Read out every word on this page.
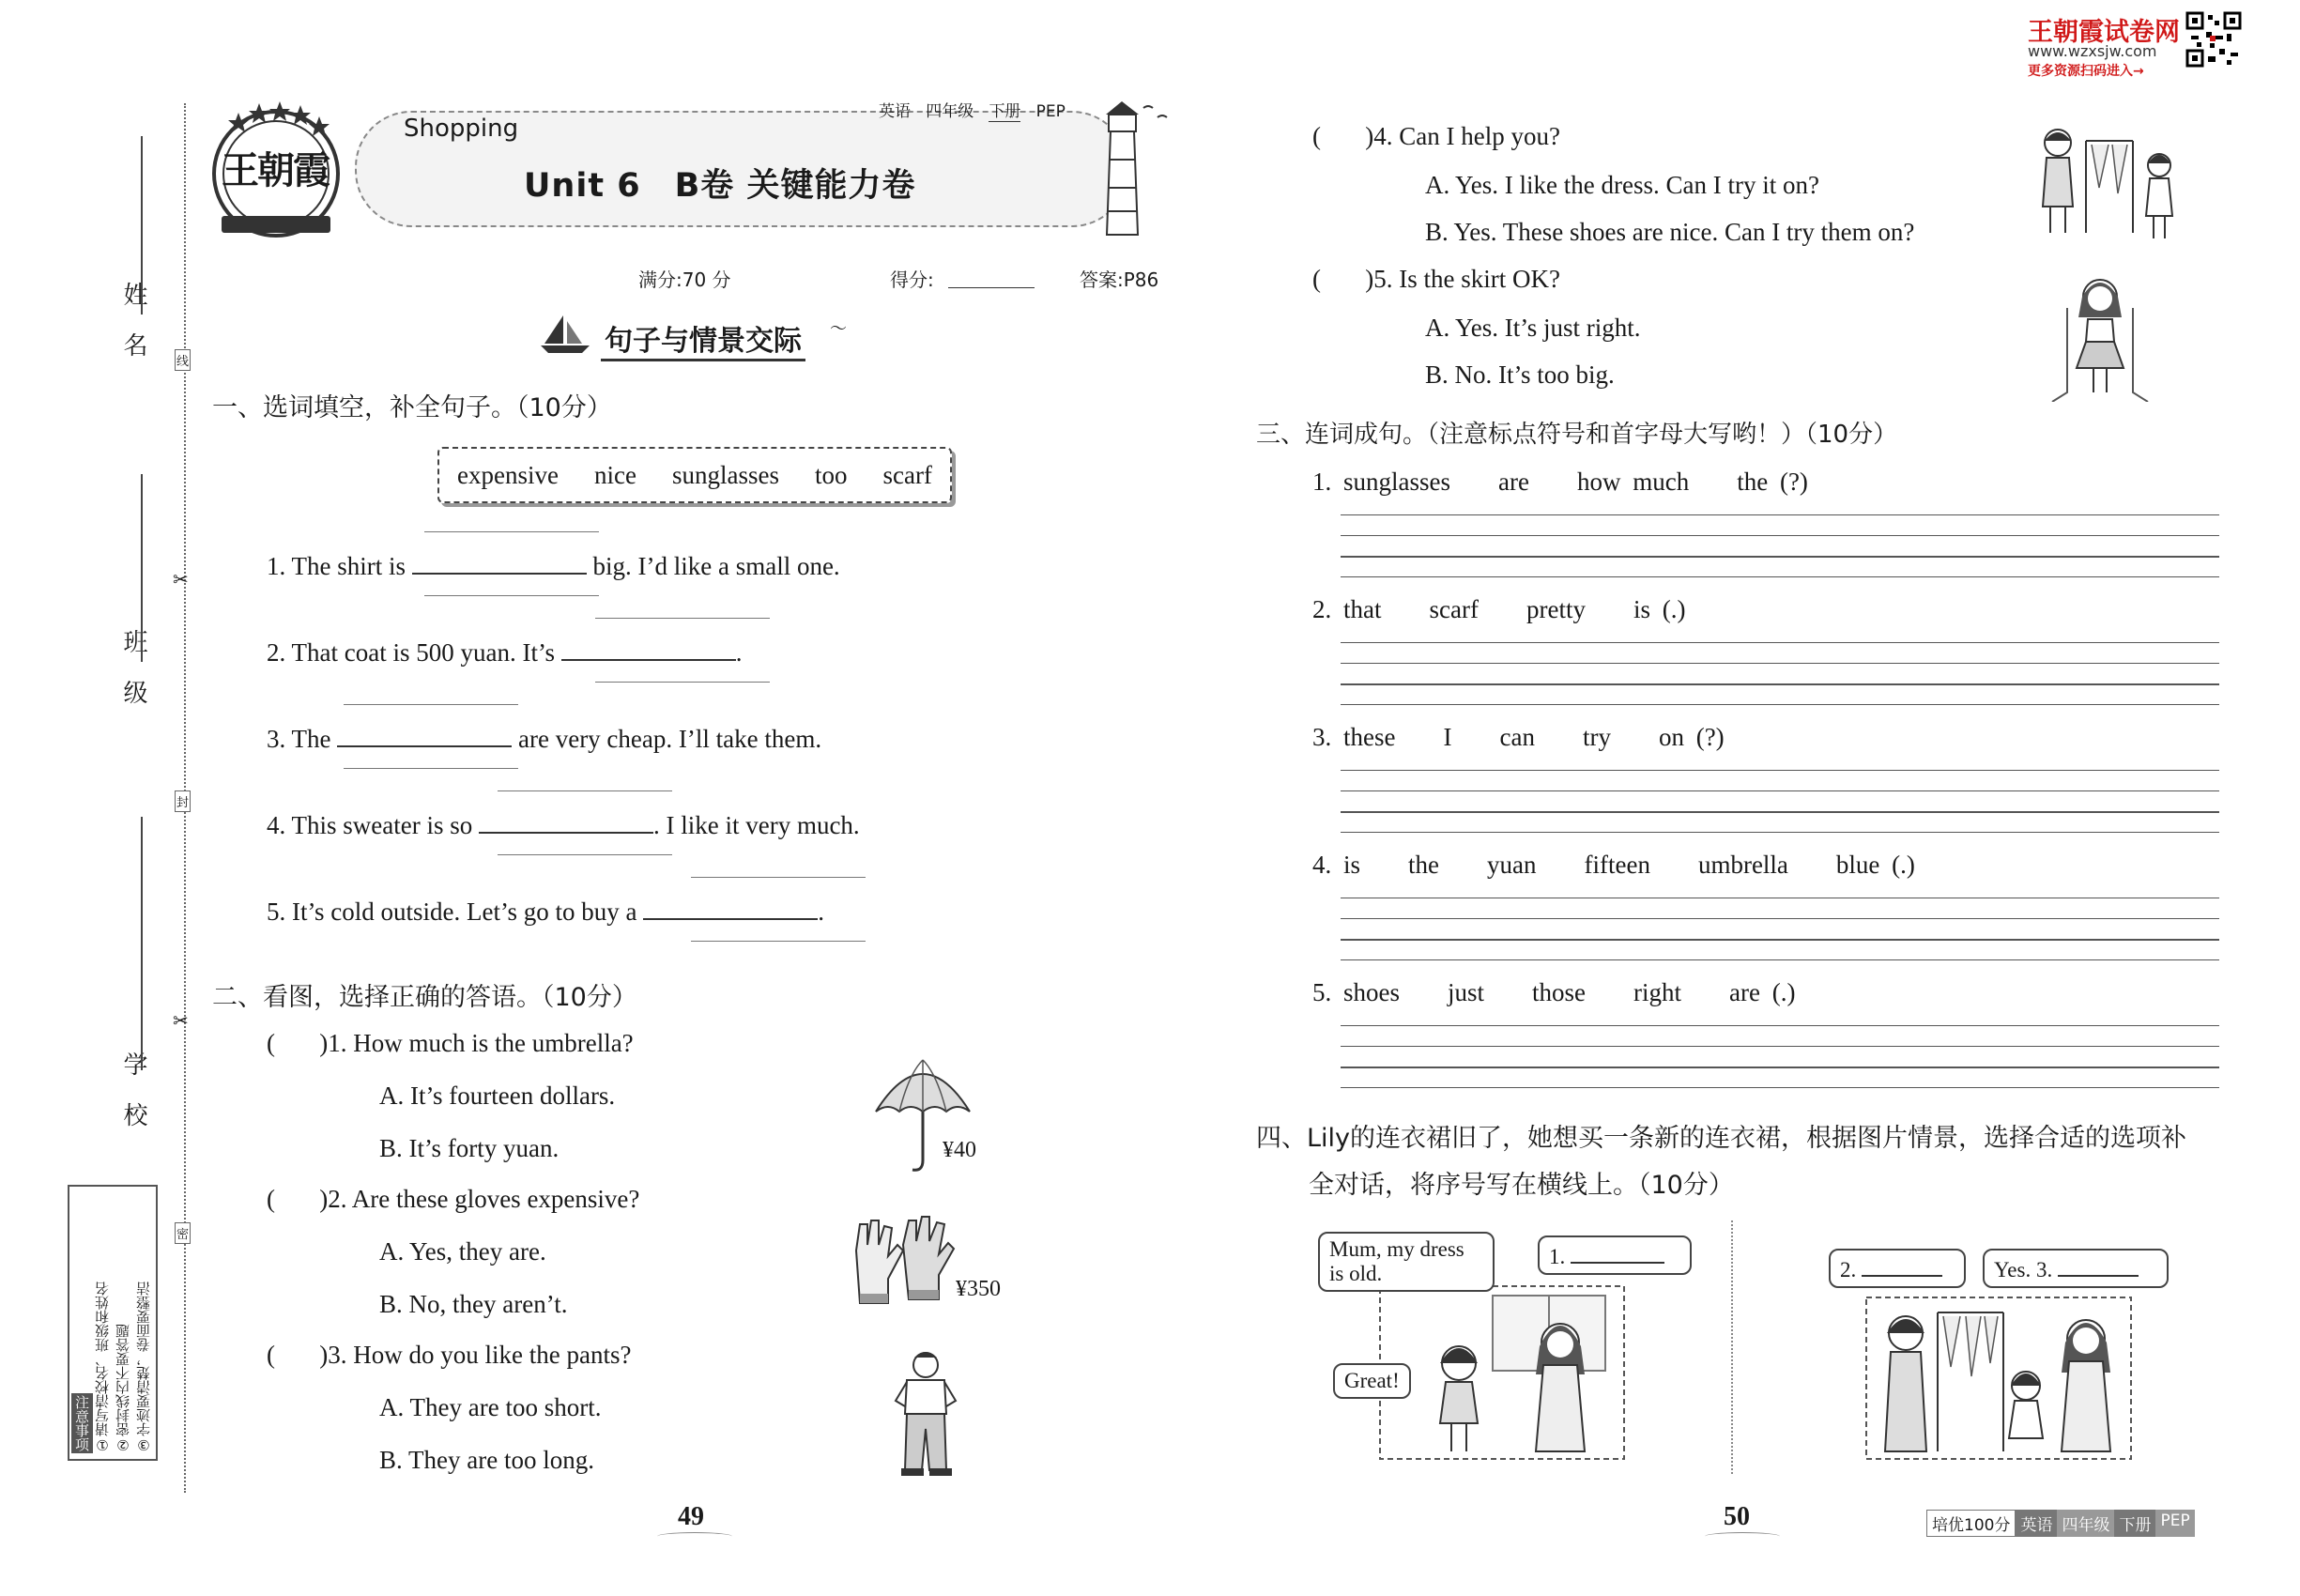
王朝霞试卷网
www.wzxsjw.com
更多资源扫码进入→
姓 名
班 级
学 校
线
封
密
✂
✂
注意事项 ①请写清校名、班级和姓名 ②密封线内不要答题 ③字迹要清楚，卷面要整洁
王朝霞
Shopping
英语 四年级 下册 PEP
Unit 6　B卷 关键能力卷
满分:70 分	得分:	答案:P86
句子与情景交际 〜
一、选词填空，补全句子。（10分）
expensive nice sunglasses too scarf
1. The shirt is	big. I’d like a small one.
2. That coat is 500 yuan. It’s	.
3. The	are very cheap. I’ll take them.
4. This sweater is so	. I like it very much.
5. It’s cold outside. Let’s go to buy a	.
二、看图，选择正确的答语。（10分）
(       )1. How much is the umbrella?
A. It’s fourteen dollars.
B. It’s forty yuan.	¥40
(       )2. Are these gloves expensive?
A. Yes, they are.
B. No, they aren’t.
¥350
(       )3. How do you like the pants?
A. They are too short.
B. They are too long.
(       )4. Can I help you?
A. Yes. I like the dress. Can I try it on?
B. Yes. These shoes are nice. Can I try them on?
(       )5. Is the skirt OK?
A. Yes. It’s just right.
B. No. It’s too big.
三、连词成句。（注意标点符号和首字母大写哟！）（10分）
1. sunglasses are how much the (?)
2. that scarf pretty is (.)
3. these I can try on (?)
4. is the yuan fifteen umbrella blue (.)
5. shoes just those right are (.)
四、Lily的连衣裙旧了，她想买一条新的连衣裙，根据图片情景，选择合适的选项补
全对话，将序号写在横线上。（10分）
Mum, my dress
is old.
1.
Great!
2.	Yes. 3.
49	50	培优100分 英语 四年级 下册 PEP
